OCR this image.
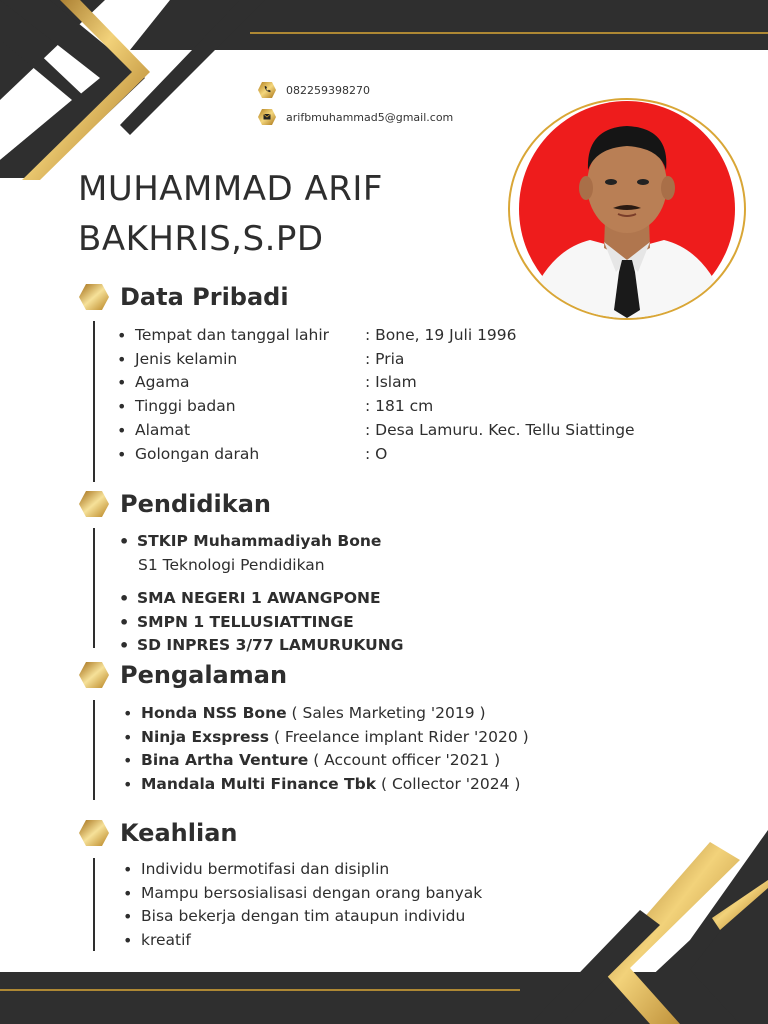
082259398270
arifbmuhammad5@gmail.com
MUHAMMAD ARIF
BAKHRIS,S.PD
Data Pribadi
• Tempat dan tanggal lahir : Bone, 19 Juli 1996
• Jenis kelamin	: Pria
• Agama	: Islam
• Tinggi badan	: 181 cm
• Alamat	: Desa Lamuru. Kec. Tellu Siattinge
• Golongan darah	: O
Pendidikan
• STKIP Muhammadiyah Bone
S1 Teknologi Pendidikan
• SMA NEGERI 1 AWANGPONE
• SMPN 1 TELLUSIATTINGE
• SD INPRES 3/77 LAMURUKUNG
Pengalaman
• Honda NSS Bone ( Sales Marketing '2019 )
• Ninja Exspress ( Freelance implant Rider '2020 )
• Bina Artha Venture ( Account officer '2021 )
• Mandala Multi Finance Tbk ( Collector '2024 )
Keahlian
• Individu bermotifasi dan disiplin
• Mampu bersosialisasi dengan orang banyak
• Bisa bekerja dengan tim ataupun individu
• kreatif
